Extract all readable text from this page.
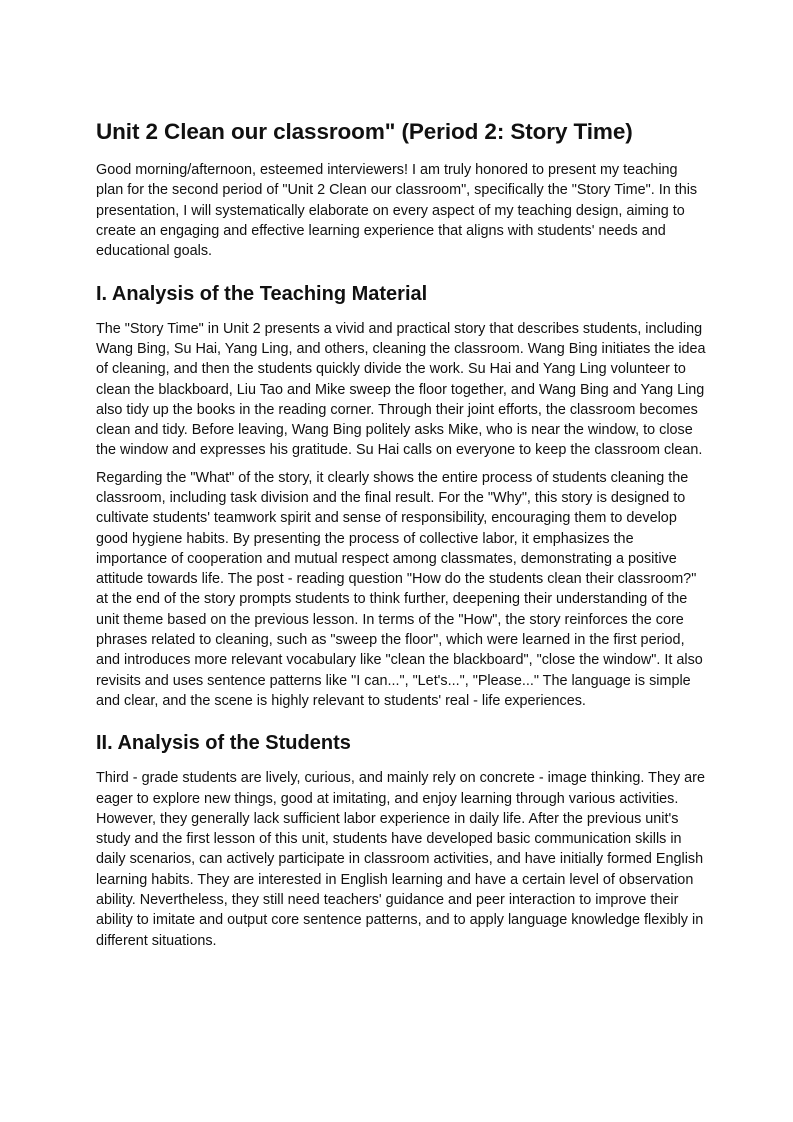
Unit 2 Clean our classroom" (Period 2: Story Time)

Good morning/afternoon, esteemed interviewers! I am truly honored to present my teaching plan for the second period of "Unit 2 Clean our classroom", specifically the "Story Time". In this presentation, I will systematically elaborate on every aspect of my teaching design, aiming to create an engaging and effective learning experience that aligns with students' needs and educational goals.

I. Analysis of the Teaching Material

The "Story Time" in Unit 2 presents a vivid and practical story that describes students, including Wang Bing, Su Hai, Yang Ling, and others, cleaning the classroom. Wang Bing initiates the idea of cleaning, and then the students quickly divide the work. Su Hai and Yang Ling volunteer to clean the blackboard, Liu Tao and Mike sweep the floor together, and Wang Bing and Yang Ling also tidy up the books in the reading corner. Through their joint efforts, the classroom becomes clean and tidy. Before leaving, Wang Bing politely asks Mike, who is near the window, to close the window and expresses his gratitude. Su Hai calls on everyone to keep the classroom clean.

Regarding the "What" of the story, it clearly shows the entire process of students cleaning the classroom, including task division and the final result. For the "Why", this story is designed to cultivate students' teamwork spirit and sense of responsibility, encouraging them to develop good hygiene habits. By presenting the process of collective labor, it emphasizes the importance of cooperation and mutual respect among classmates, demonstrating a positive attitude towards life. The post - reading question "How do the students clean their classroom?" at the end of the story prompts students to think further, deepening their understanding of the unit theme based on the previous lesson. In terms of the "How", the story reinforces the core phrases related to cleaning, such as "sweep the floor", which were learned in the first period, and introduces more relevant vocabulary like "clean the blackboard", "close the window". It also revisits and uses sentence patterns like "I can...", "Let's...", "Please..." The language is simple and clear, and the scene is highly relevant to students' real - life experiences.

II. Analysis of the Students

Third - grade students are lively, curious, and mainly rely on concrete - image thinking. They are eager to explore new things, good at imitating, and enjoy learning through various activities. However, they generally lack sufficient labor experience in daily life. After the previous unit's study and the first lesson of this unit, students have developed basic communication skills in daily scenarios, can actively participate in classroom activities, and have initially formed English learning habits. They are interested in English learning and have a certain level of observation ability. Nevertheless, they still need teachers' guidance and peer interaction to improve their ability to imitate and output core sentence patterns, and to apply language knowledge flexibly in different situations.
